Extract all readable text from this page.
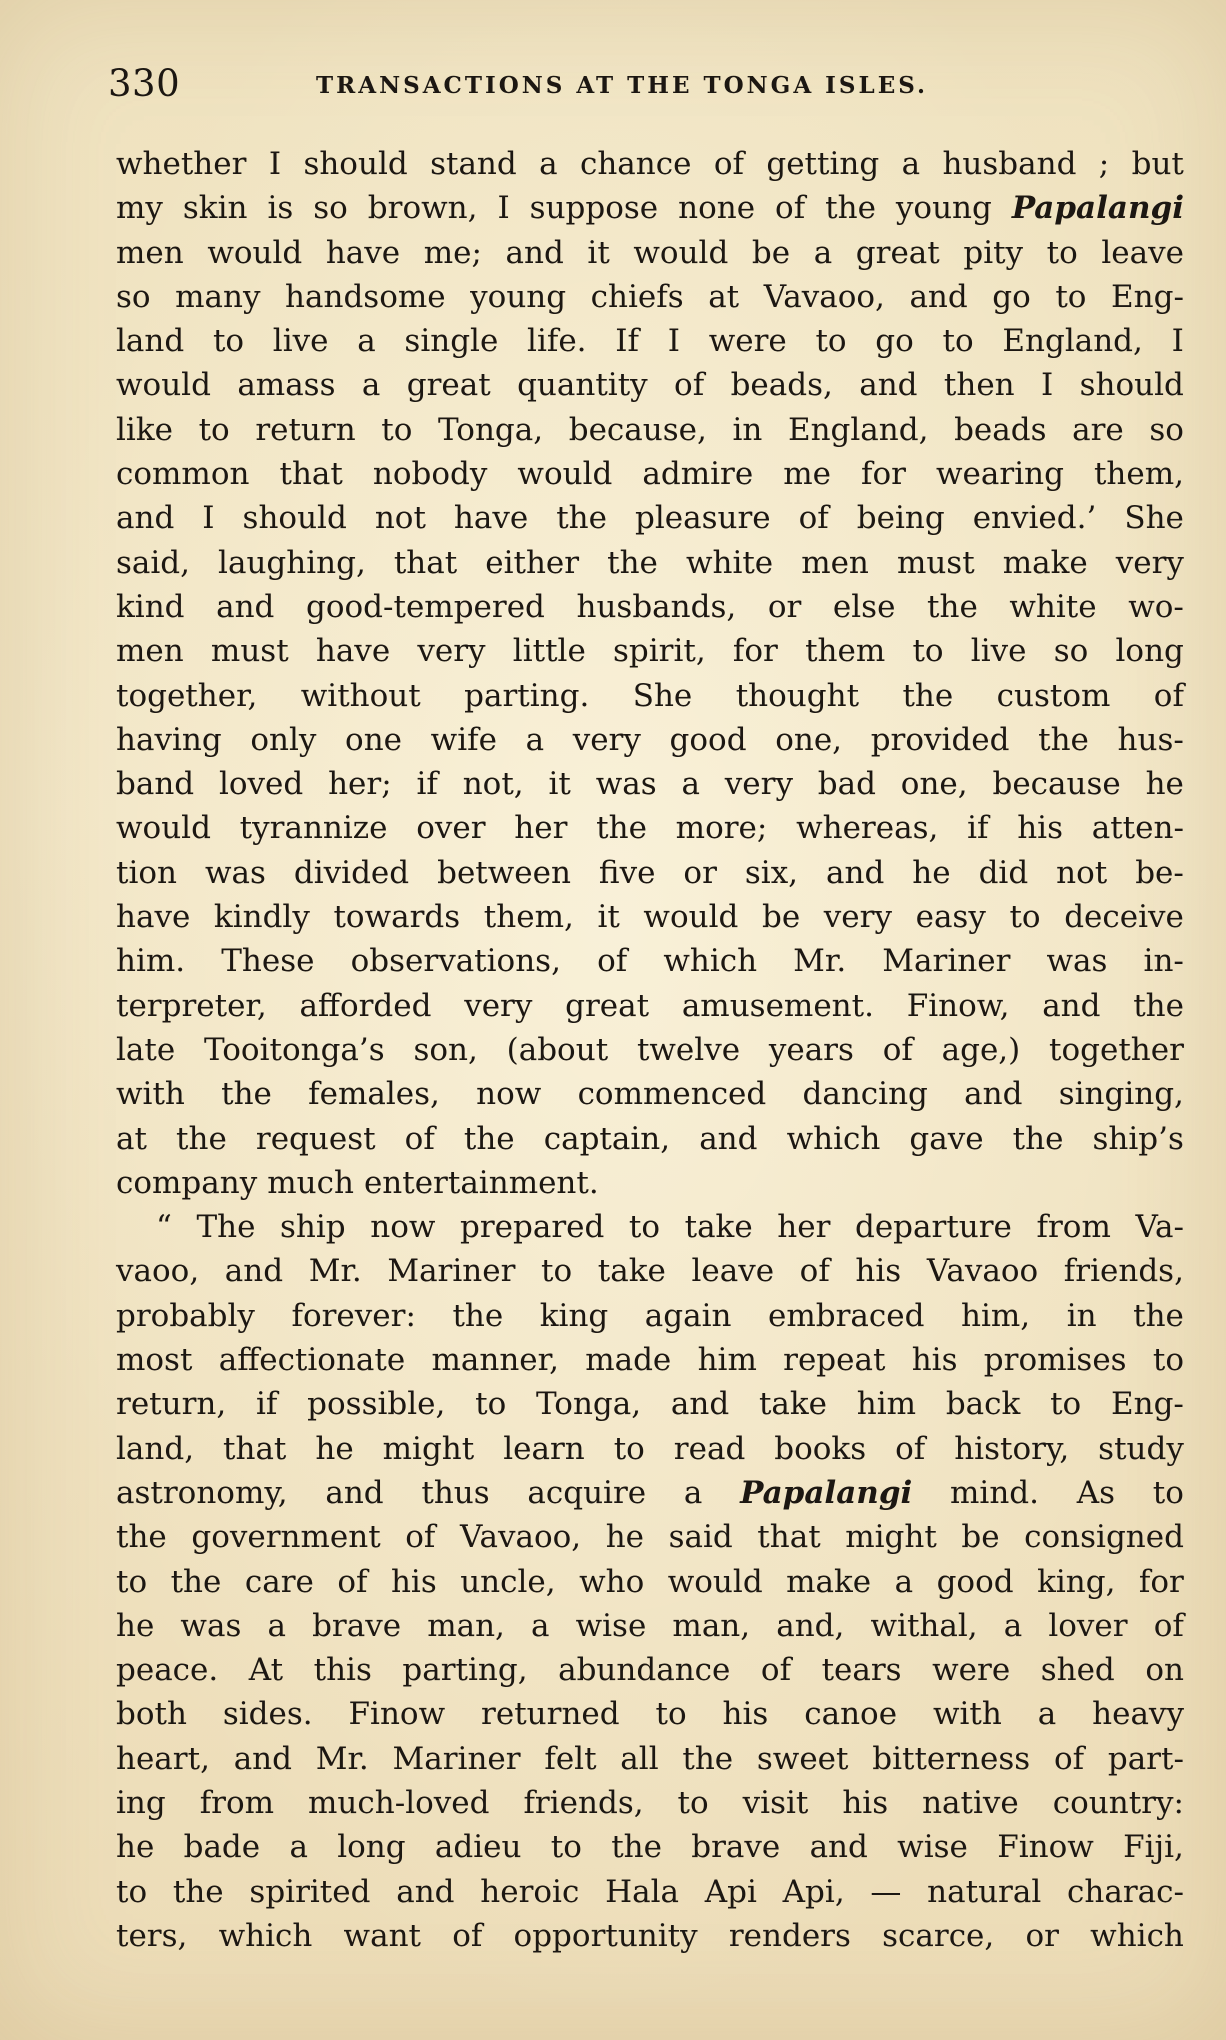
330	TRANSACTIONS AT THE TONGA ISLES.
whether I should stand a chance of getting a husband ; but
my skin is so brown, I suppose none of the young Papalangi
men would have me; and it would be a great pity to leave
so many handsome young chiefs at Vavaoo, and go to Eng-
land to live a single life. If I were to go to England, I
would amass a great quantity of beads, and then I should
like to return to Tonga, because, in England, beads are so
common that nobody would admire me for wearing them,
and I should not have the pleasure of being envied.’ She
said, laughing, that either the white men must make very
kind and good-tempered husbands, or else the white wo-
men must have very little spirit, for them to live so long
together, without parting. She thought the custom of
having only one wife a very good one, provided the hus-
band loved her; if not, it was a very bad one, because he
would tyrannize over her the more; whereas, if his atten-
tion was divided between five or six, and he did not be-
have kindly towards them, it would be very easy to deceive
him. These observations, of which Mr. Mariner was in-
terpreter, afforded very great amusement. Finow, and the
late Tooitonga’s son, (about twelve years of age,) together
with the females, now commenced dancing and singing,
at the request of the captain, and which gave the ship’s
company much entertainment.
“ The ship now prepared to take her departure from Va-
vaoo, and Mr. Mariner to take leave of his Vavaoo friends,
probably forever: the king again embraced him, in the
most affectionate manner, made him repeat his promises to
return, if possible, to Tonga, and take him back to Eng-
land, that he might learn to read books of history, study
astronomy, and thus acquire a Papalangi mind. As to
the government of Vavaoo, he said that might be consigned
to the care of his uncle, who would make a good king, for
he was a brave man, a wise man, and, withal, a lover of
peace. At this parting, abundance of tears were shed on
both sides. Finow returned to his canoe with a heavy
heart, and Mr. Mariner felt all the sweet bitterness of part-
ing from much-loved friends, to visit his native country:
he bade a long adieu to the brave and wise Finow Fiji,
to the spirited and heroic Hala Api Api, — natural charac-
ters, which want of opportunity renders scarce, or which
